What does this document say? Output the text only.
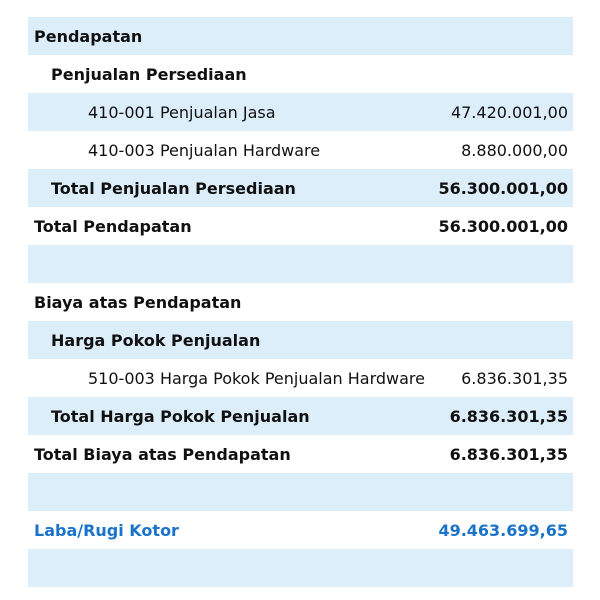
Pendapatan
Penjualan Persediaan
410-001 Penjualan Jasa	47.420.001,00
410-003 Penjualan Hardware	8.880.000,00
Total Penjualan Persediaan	56.300.001,00
Total Pendapatan	56.300.001,00
Biaya atas Pendapatan
Harga Pokok Penjualan
510-003 Harga Pokok Penjualan Hardware	6.836.301,35
Total Harga Pokok Penjualan	6.836.301,35
Total Biaya atas Pendapatan	6.836.301,35
Laba/Rugi Kotor	49.463.699,65
